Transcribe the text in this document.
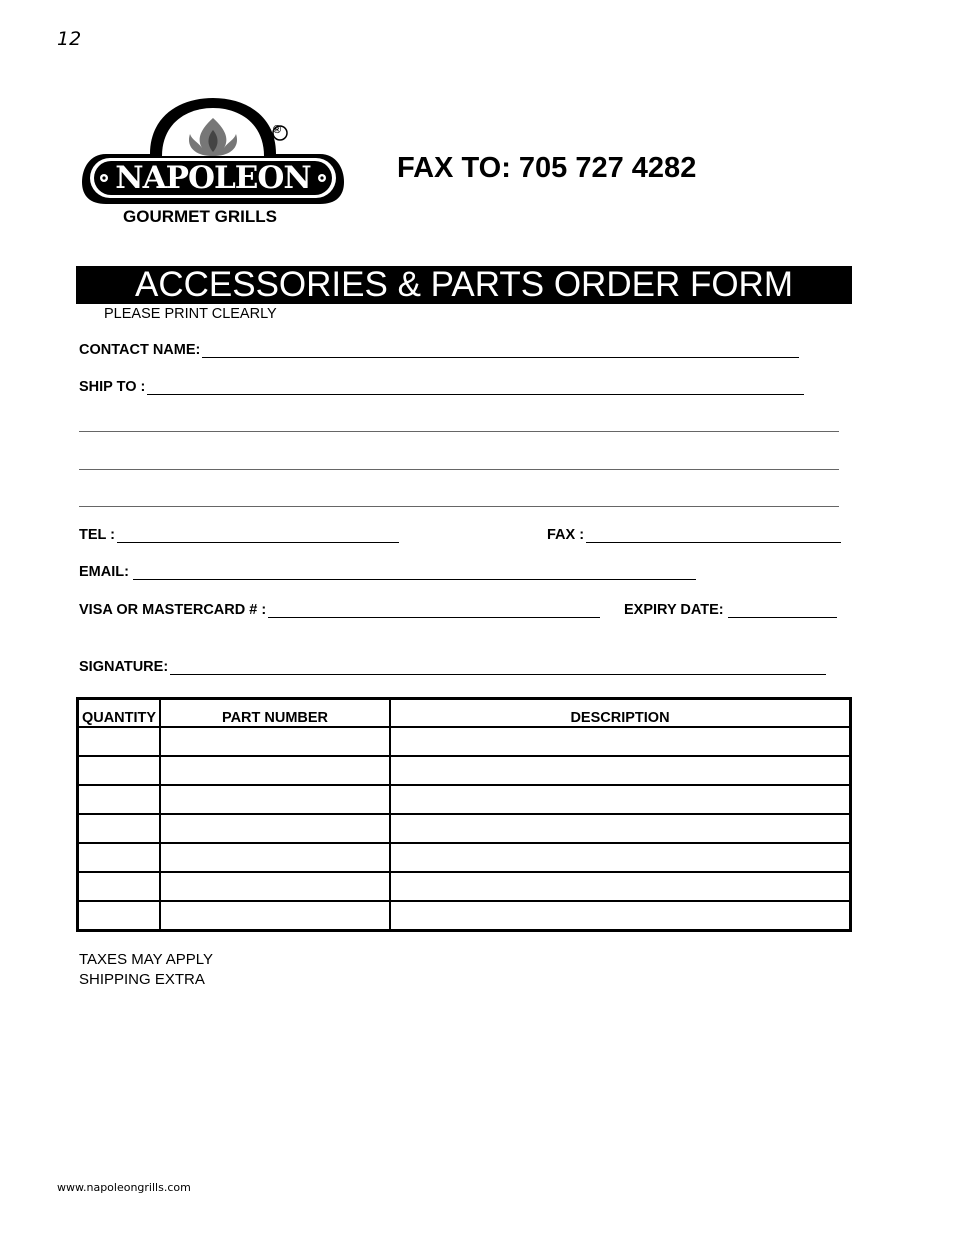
12
®
NAPOLEON
GOURMET GRILLS
FAX TO: 705 727 4282
ACCESSORIES & PARTS ORDER FORM
PLEASE PRINT CLEARLY
CONTACT NAME:
SHIP TO :
TEL :	FAX :
EMAIL:
VISA OR MASTERCARD # :	EXPIRY DATE:
SIGNATURE:
QUANTITY	PART NUMBER	DESCRIPTION

TAXES MAY APPLY
SHIPPING EXTRA
www.napoleongrills.com
